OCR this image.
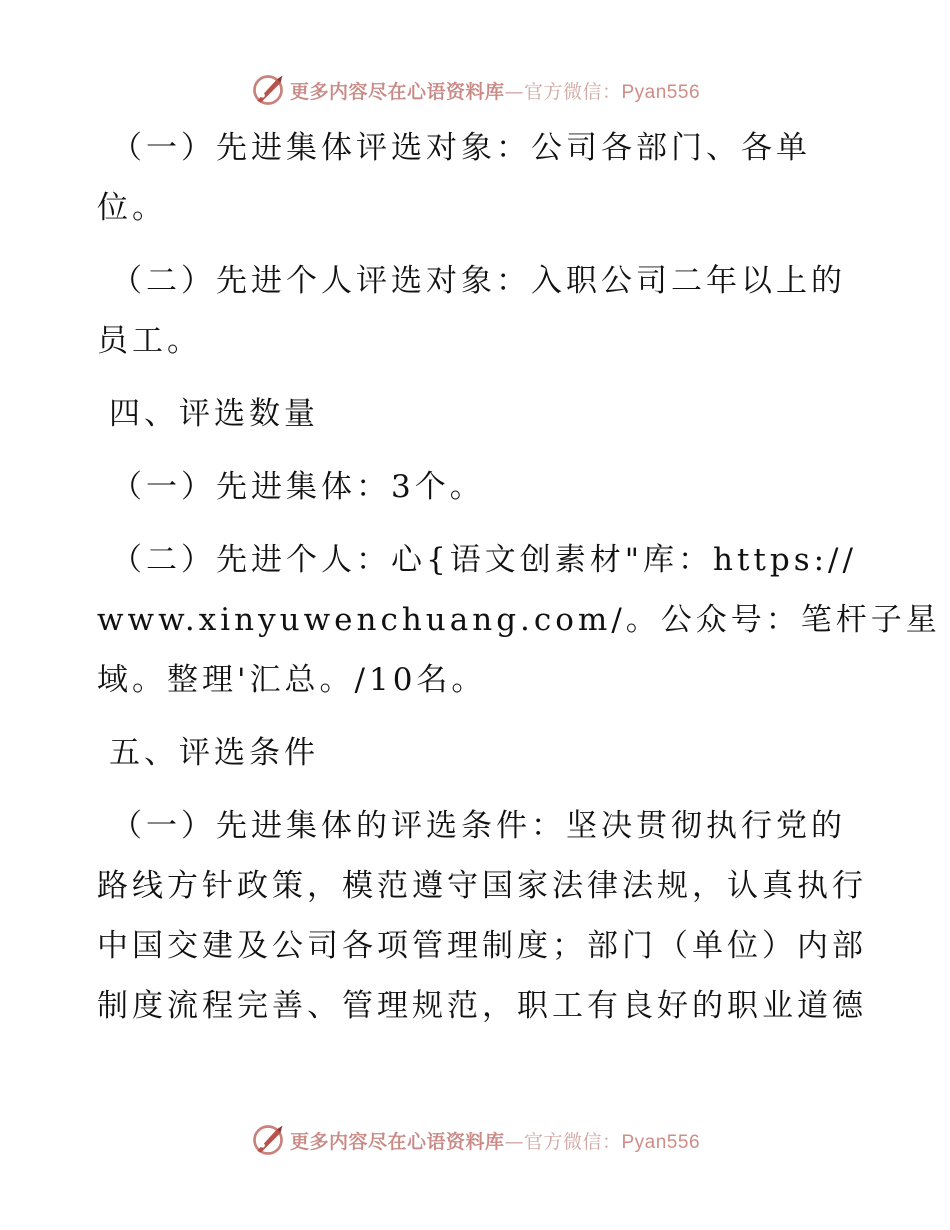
更多内容尽在心语资料库—官方微信：Pyan556
（一）先进集体评选对象：公司各部门、各单
位。
（二）先进个人评选对象：入职公司二年以上的
员工。
四、评选数量
（一）先进集体：3个。
（二）先进个人：心{语文创素材"库：https://
www.xinyuwenchuang.com/。公众号：笔杆子星
域。整理'汇总。/10名。
五、评选条件
（一）先进集体的评选条件：坚决贯彻执行党的
路线方针政策，模范遵守国家法律法规，认真执行
中国交建及公司各项管理制度；部门（单位）内部
制度流程完善、管理规范，职工有良好的职业道德
更多内容尽在心语资料库—官方微信：Pyan556
